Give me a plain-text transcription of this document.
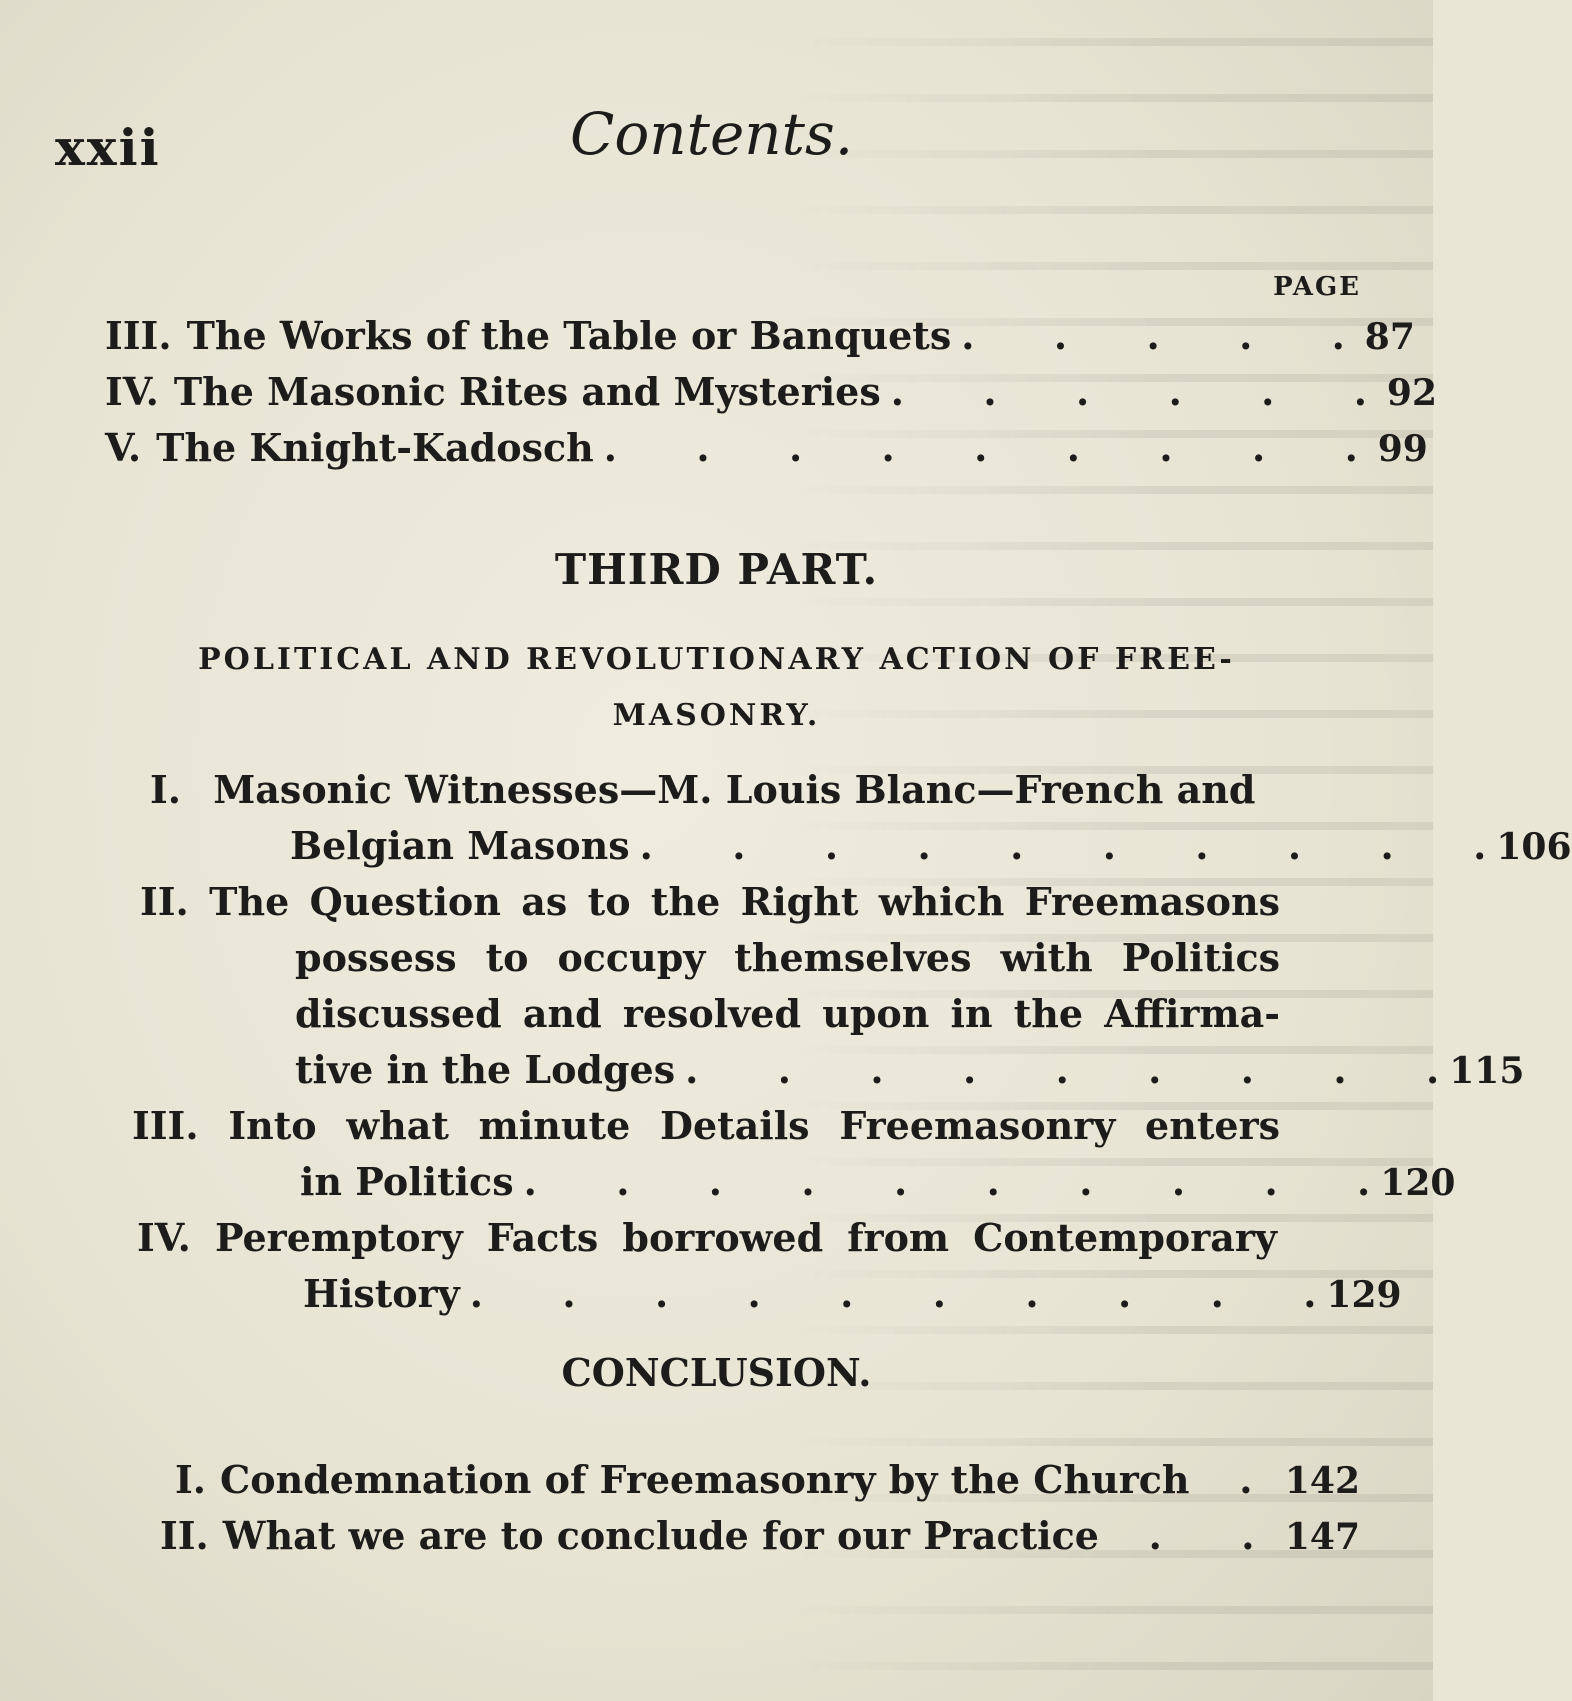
xxii	Contents.
PAGE
III. The Works of the Table or Banquets .      .      .      .      . 87
IV. The Masonic Rites and Mysteries .      .      .      .      .      . 92
V. The Knight-Kadosch .      .      .      .      .      .      .      .      . 99
THIRD PART.
POLITICAL AND REVOLUTIONARY ACTION OF FREE-
MASONRY.
I. Masonic Witnesses—M. Louis Blanc—French and
Belgian Masons .      .      .      .      .      .      .      .      .      . 106
II. The Question as to the Right which Freemasons
possess to occupy themselves with Politics
discussed and resolved upon in the Affirma-
tive in the Lodges .      .      .      .      .      .      .      .      . 115
III. Into what minute Details Freemasonry enters
in Politics .      .      .      .      .      .      .      .      .      . 120
IV. Peremptory Facts borrowed from Contemporary
History .      .      .      .      .      .      .      .      .      . 129
CONCLUSION.
I. Condemnation of Freemasonry by the Church . 142
II. What we are to conclude for our Practice .      . 147
